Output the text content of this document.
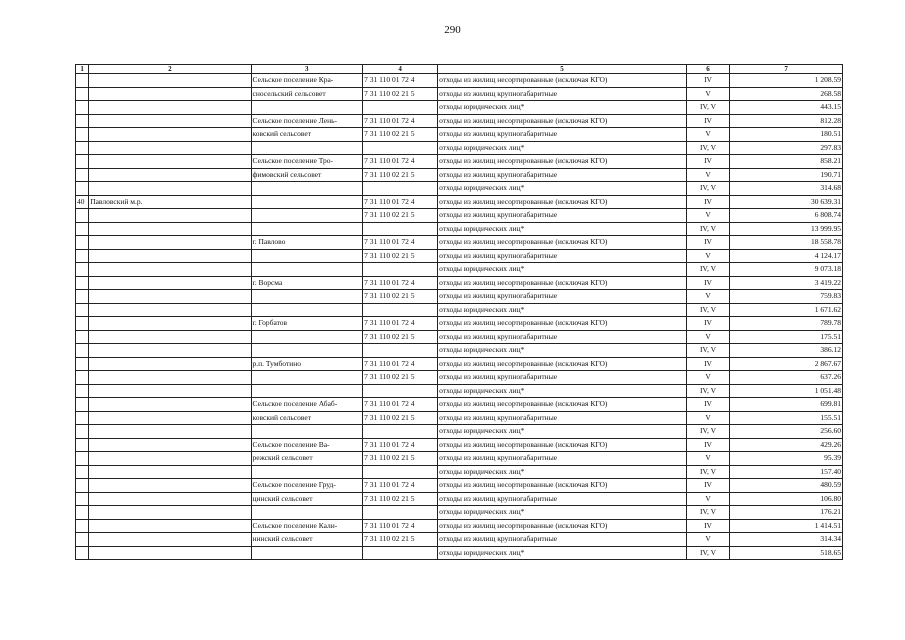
290
1	2	3	4	5	6	7
		Сельское поселение Кра-	7 31 110 01 72 4	отходы из жилищ несортированные (исключая КГО)	IV	1 208.59
		сносельский сельсовет	7 31 110 02 21 5	отходы из жилищ крупногабаритные	V	268.58
				отходы юридических лиц*	IV, V	443.15
		Сельское поселение Лень-	7 31 110 01 72 4	отходы из жилищ несортированные (исключая КГО)	IV	812.28
		ковский сельсовет	7 31 110 02 21 5	отходы из жилищ крупногабаритные	V	180.51
				отходы юридических лиц*	IV, V	297.83
		Сельское поселение Тро-	7 31 110 01 72 4	отходы из жилищ несортированные (исключая КГО)	IV	858.21
		фимовский сельсовет	7 31 110 02 21 5	отходы из жилищ крупногабаритные	V	190.71
				отходы юридических лиц*	IV, V	314.68
40	Павловский м.р.		7 31 110 01 72 4	отходы из жилищ несортированные (исключая КГО)	IV	30 639.31
			7 31 110 02 21 5	отходы из жилищ крупногабаритные	V	6 808.74
				отходы юридических лиц*	IV, V	13 999.95
		г. Павлово	7 31 110 01 72 4	отходы из жилищ несортированные (исключая КГО)	IV	18 558.78
			7 31 110 02 21 5	отходы из жилищ крупногабаритные	V	4 124.17
				отходы юридических лиц*	IV, V	9 073.18
		г. Ворсма	7 31 110 01 72 4	отходы из жилищ несортированные (исключая КГО)	IV	3 419.22
			7 31 110 02 21 5	отходы из жилищ крупногабаритные	V	759.83
				отходы юридических лиц*	IV, V	1 671.62
		г. Горбатов	7 31 110 01 72 4	отходы из жилищ несортированные (исключая КГО)	IV	789.78
			7 31 110 02 21 5	отходы из жилищ крупногабаритные	V	175.51
				отходы юридических лиц*	IV, V	386.12
		р.п. Тумботино	7 31 110 01 72 4	отходы из жилищ несортированные (исключая КГО)	IV	2 867.67
			7 31 110 02 21 5	отходы из жилищ крупногабаритные	V	637.26
				отходы юридических лиц*	IV, V	1 051.48
		Сельское поселение Абаб-	7 31 110 01 72 4	отходы из жилищ несортированные (исключая КГО)	IV	699.81
		ковский сельсовет	7 31 110 02 21 5	отходы из жилищ крупногабаритные	V	155.51
				отходы юридических лиц*	IV, V	256.60
		Сельское поселение Ва-	7 31 110 01 72 4	отходы из жилищ несортированные (исключая КГО)	IV	429.26
		режский сельсовет	7 31 110 02 21 5	отходы из жилищ крупногабаритные	V	95.39
				отходы юридических лиц*	IV, V	157.40
		Сельское поселение Груд-	7 31 110 01 72 4	отходы из жилищ несортированные (исключая КГО)	IV	480.59
		цинский сельсовет	7 31 110 02 21 5	отходы из жилищ крупногабаритные	V	106.80
				отходы юридических лиц*	IV, V	176.21
		Сельское поселение Кали-	7 31 110 01 72 4	отходы из жилищ несортированные (исключая КГО)	IV	1 414.51
		нинский сельсовет	7 31 110 02 21 5	отходы из жилищ крупногабаритные	V	314.34
				отходы юридических лиц*	IV, V	518.65
